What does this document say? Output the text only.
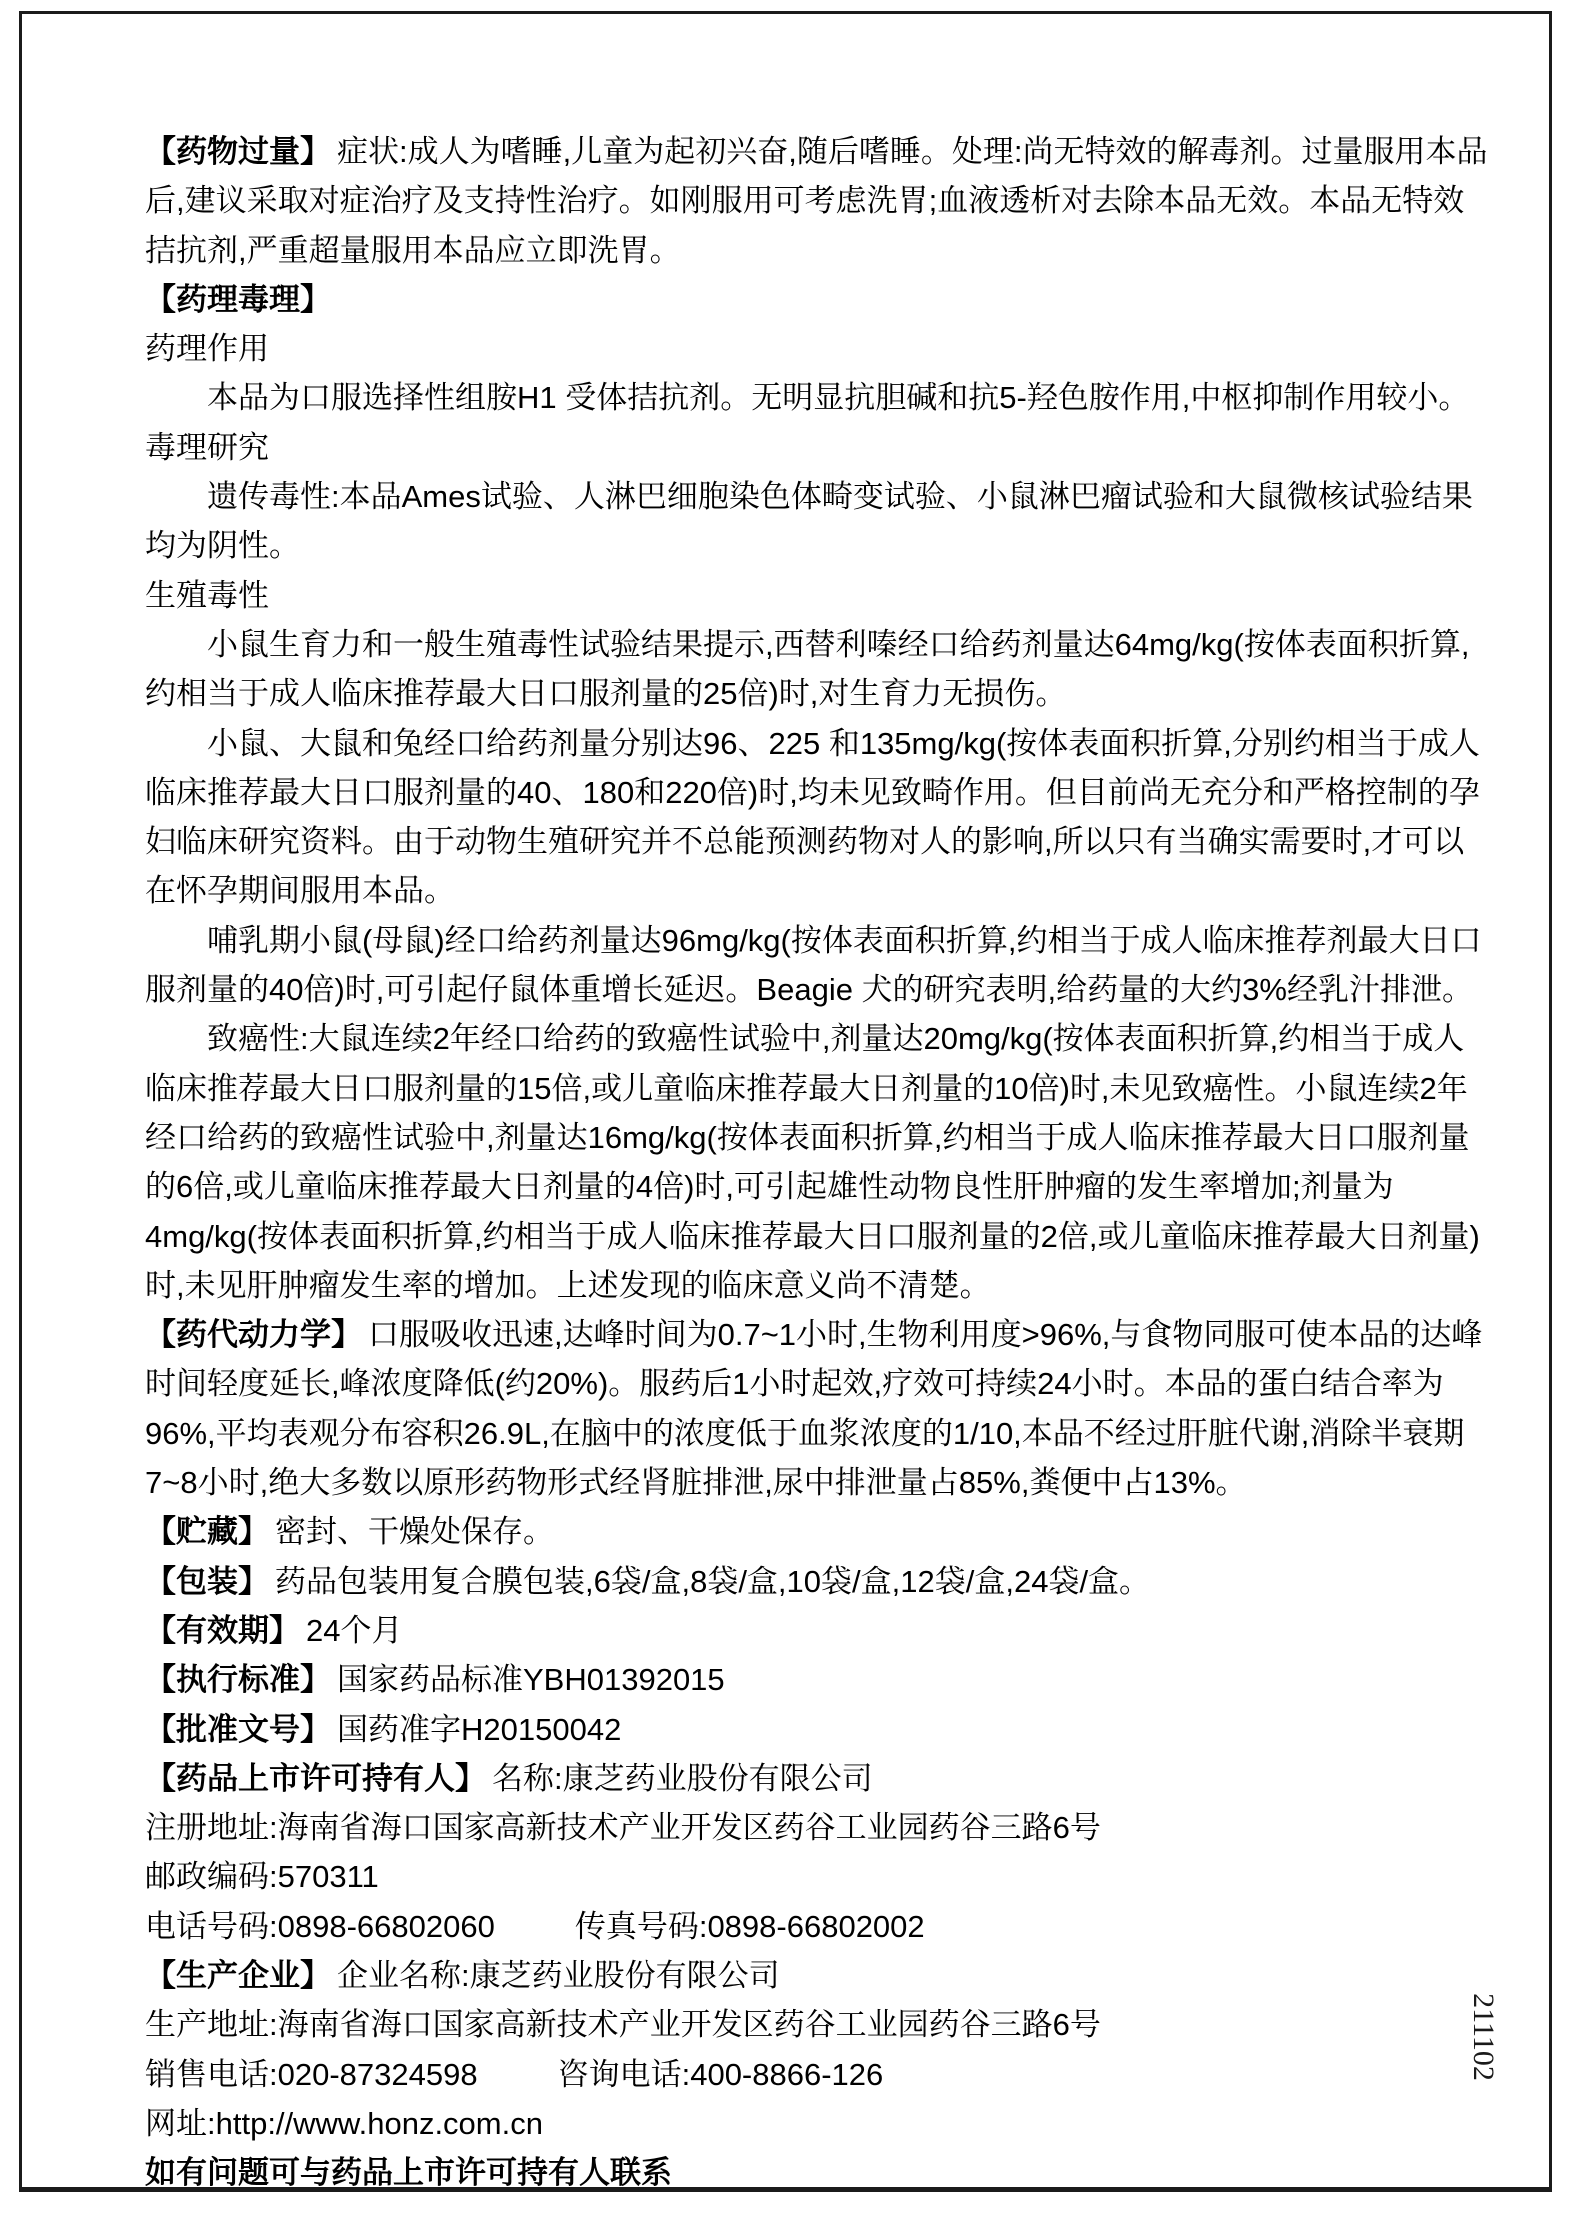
【药物过量】 症状:成人为嗜睡,儿童为起初兴奋,随后嗜睡。处理:尚无特效的解毒剂。过量服用本品后,建议采取对症治疗及支持性治疗。如刚服用可考虑洗胃;血液透析对去除本品无效。本品无特效拮抗剂,严重超量服用本品应立即洗胃。

【药理毒理】

药理作用

本品为口服选择性组胺H1 受体拮抗剂。无明显抗胆碱和抗5-羟色胺作用,中枢抑制作用较小。

毒理研究

遗传毒性:本品Ames试验、人淋巴细胞染色体畸变试验、小鼠淋巴瘤试验和大鼠微核试验结果均为阴性。

生殖毒性

小鼠生育力和一般生殖毒性试验结果提示,西替利嗪经口给药剂量达64mg/kg(按体表面积折算,约相当于成人临床推荐最大日口服剂量的25倍)时,对生育力无损伤。

小鼠、大鼠和兔经口给药剂量分别达96、225 和135mg/kg(按体表面积折算,分别约相当于成人临床推荐最大日口服剂量的40、180和220倍)时,均未见致畸作用。但目前尚无充分和严格控制的孕妇临床研究资料。由于动物生殖研究并不总能预测药物对人的影响,所以只有当确实需要时,才可以在怀孕期间服用本品。

哺乳期小鼠(母鼠)经口给药剂量达96mg/kg(按体表面积折算,约相当于成人临床推荐剂最大日口服剂量的40倍)时,可引起仔鼠体重增长延迟。Beagie 犬的研究表明,给药量的大约3%经乳汁排泄。

致癌性:大鼠连续2年经口给药的致癌性试验中,剂量达20mg/kg(按体表面积折算,约相当于成人临床推荐最大日口服剂量的15倍,或儿童临床推荐最大日剂量的10倍)时,未见致癌性。小鼠连续2年经口给药的致癌性试验中,剂量达16mg/kg(按体表面积折算,约相当于成人临床推荐最大日口服剂量的6倍,或儿童临床推荐最大日剂量的4倍)时,可引起雄性动物良性肝肿瘤的发生率增加;剂量为4mg/kg(按体表面积折算,约相当于成人临床推荐最大日口服剂量的2倍,或儿童临床推荐最大日剂量)时,未见肝肿瘤发生率的增加。上述发现的临床意义尚不清楚。

【药代动力学】 口服吸收迅速,达峰时间为0.7~1小时,生物利用度>96%,与食物同服可使本品的达峰时间轻度延长,峰浓度降低(约20%)。服药后1小时起效,疗效可持续24小时。本品的蛋白结合率为96%,平均表观分布容积26.9L,在脑中的浓度低于血浆浓度的1/10,本品不经过肝脏代谢,消除半衰期7~8小时,绝大多数以原形药物形式经肾脏排泄,尿中排泄量占85%,粪便中占13%。

【贮藏】 密封、干燥处保存。

【包装】 药品包装用复合膜包装,6袋/盒,8袋/盒,10袋/盒,12袋/盒,24袋/盒。

【有效期】 24个月

【执行标准】 国家药品标准YBH01392015

【批准文号】 国药准字H20150042

【药品上市许可持有人】 名称:康芝药业股份有限公司

注册地址:海南省海口国家高新技术产业开发区药谷工业园药谷三路6号

邮政编码:570311

电话号码:0898-66802060	传真号码:0898-66802002

【生产企业】 企业名称:康芝药业股份有限公司

生产地址:海南省海口国家高新技术产业开发区药谷工业园药谷三路6号

销售电话:020-87324598	咨询电话:400-8866-126

网址:http://www.honz.com.cn

如有问题可与药品上市许可持有人联系

211102
